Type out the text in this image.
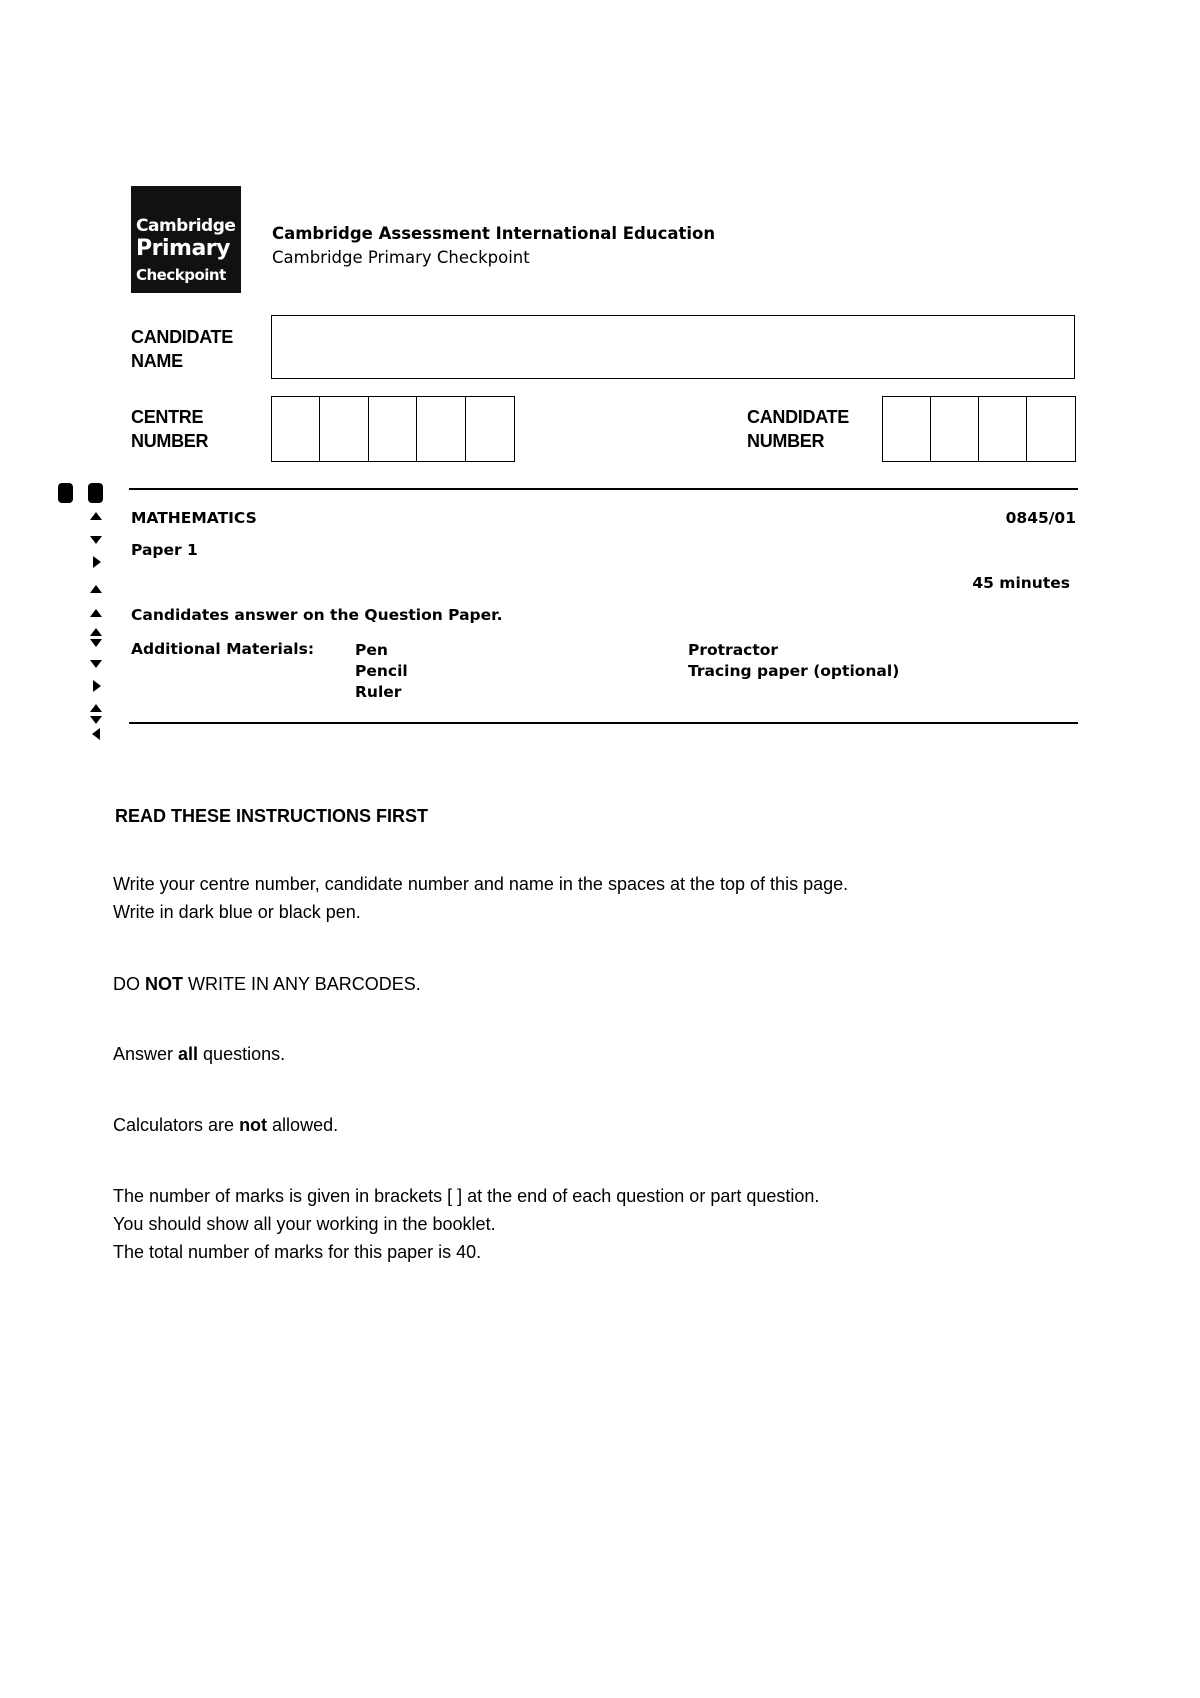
Cambridge
Primary
Checkpoint
Cambridge Assessment International Education
Cambridge Primary Checkpoint
CANDIDATE
NAME
CENTRE
NUMBER
CANDIDATE
NUMBER
MATHEMATICS	0845/01
Paper 1
45 minutes
Candidates answer on the Question Paper.
Additional Materials:	Pen
Pencil
Ruler
Protractor
Tracing paper (optional)
READ THESE INSTRUCTIONS FIRST
Write your centre number, candidate number and name in the spaces at the top of this page.
Write in dark blue or black pen.
DO NOT WRITE IN ANY BARCODES.
Answer all questions.
Calculators are not allowed.
The number of marks is given in brackets [ ] at the end of each question or part question.
You should show all your working in the booklet.
The total number of marks for this paper is 40.
